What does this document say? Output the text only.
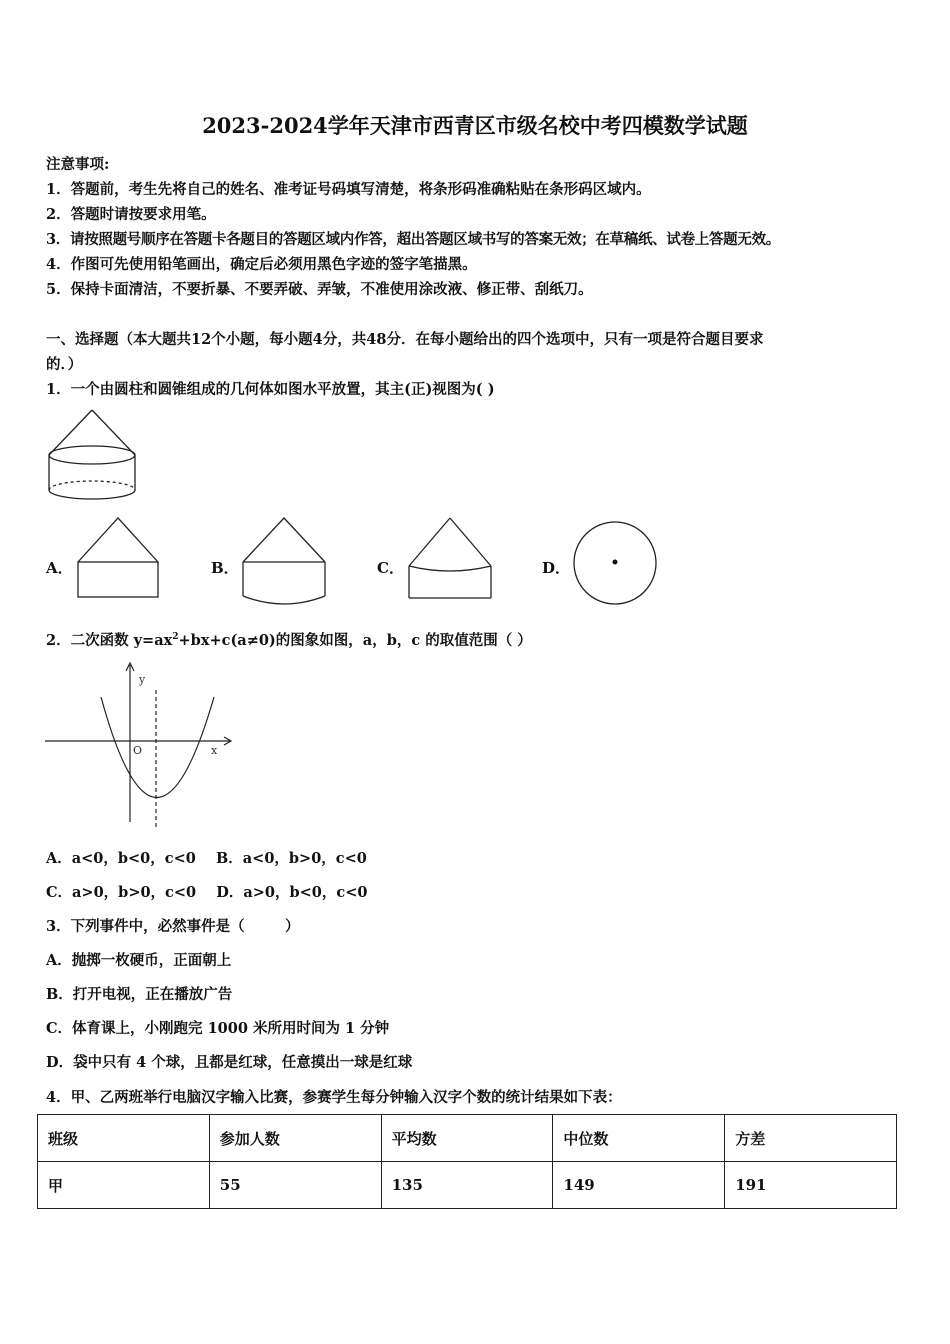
2023-2024学年天津市西青区市级名校中考四模数学试题
注意事项:
1．答题前，考生先将自己的姓名、准考证号码填写清楚，将条形码准确粘贴在条形码区域内。
2．答题时请按要求用笔。
3．请按照题号顺序在答题卡各题目的答题区域内作答，超出答题区域书写的答案无效；在草稿纸、试卷上答题无效。
4．作图可先使用铅笔画出，确定后必须用黑色字迹的签字笔描黑。
5．保持卡面清洁，不要折暴、不要弄破、弄皱，不准使用涂改液、修正带、刮纸刀。
一、选择题（本大题共12个小题，每小题4分，共48分．在每小题给出的四个选项中，只有一项是符合题目要求
的．）
1．一个由圆柱和圆锥组成的几何体如图水平放置，其主(正)视图为( )
A．	B．	C．	D．
2．二次函数 $y=ax^2+bx+c(a\ne 0)$的图象如图，a，b，c 的取值范围（ ）
y
O	x
A．a<0，b<0，c<0    B．a<0，b>0，c<0
C．a>0，b>0，c<0    D．a>0，b<0，c<0
3．下列事件中，必然事件是（        ）
A．抛掷一枚硬币，正面朝上
B．打开电视，正在播放广告
C．体育课上，小刚跑完 1000 米所用时间为 1 分钟
D．袋中只有 4 个球，且都是红球，任意摸出一球是红球
4．甲、乙两班举行电脑汉字输入比赛，参赛学生每分钟输入汉字个数的统计结果如下表：
班级	参加人数	平均数	中位数	方差
甲	55	135	149	191
